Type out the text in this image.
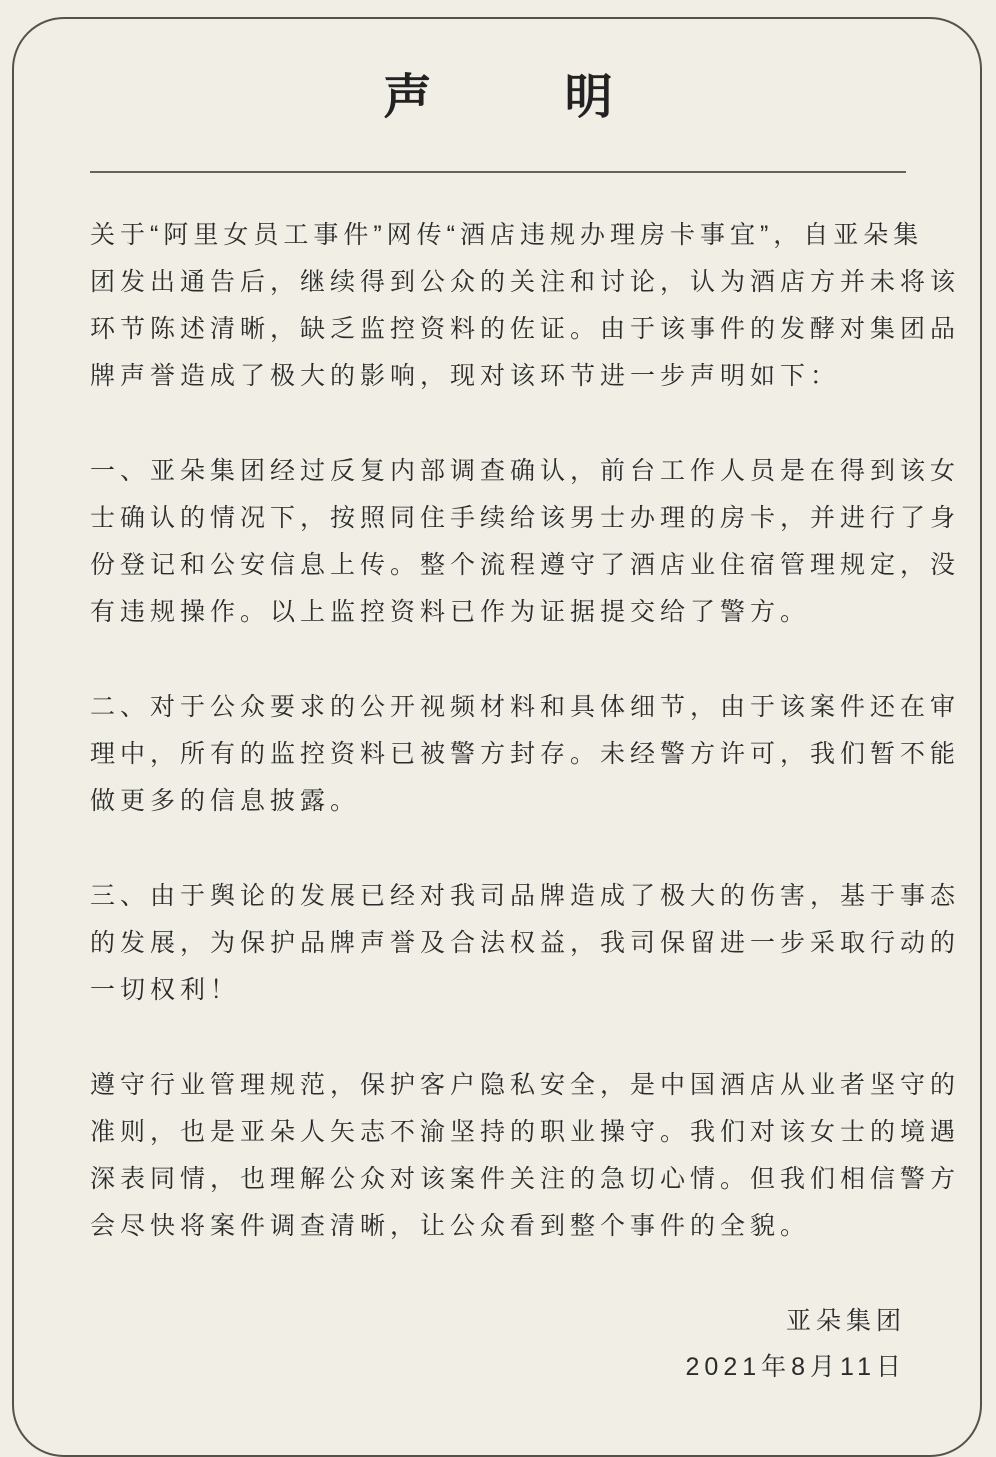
声 明
关于“阿里女员工事件”网传“酒店违规办理房卡事宜”，自亚朵集
团发出通告后，继续得到公众的关注和讨论，认为酒店方并未将该
环节陈述清晰，缺乏监控资料的佐证。由于该事件的发酵对集团品
牌声誉造成了极大的影响，现对该环节进一步声明如下：
一、亚朵集团经过反复内部调查确认，前台工作人员是在得到该女
士确认的情况下，按照同住手续给该男士办理的房卡，并进行了身
份登记和公安信息上传。整个流程遵守了酒店业住宿管理规定，没
有违规操作。以上监控资料已作为证据提交给了警方。
二、对于公众要求的公开视频材料和具体细节，由于该案件还在审
理中，所有的监控资料已被警方封存。未经警方许可，我们暂不能
做更多的信息披露。
三、由于舆论的发展已经对我司品牌造成了极大的伤害，基于事态
的发展，为保护品牌声誉及合法权益，我司保留进一步采取行动的
一切权利！
遵守行业管理规范，保护客户隐私安全，是中国酒店从业者坚守的
准则，也是亚朵人矢志不渝坚持的职业操守。我们对该女士的境遇
深表同情，也理解公众对该案件关注的急切心情。但我们相信警方
会尽快将案件调查清晰，让公众看到整个事件的全貌。
亚朵集团
2021年8月11日
